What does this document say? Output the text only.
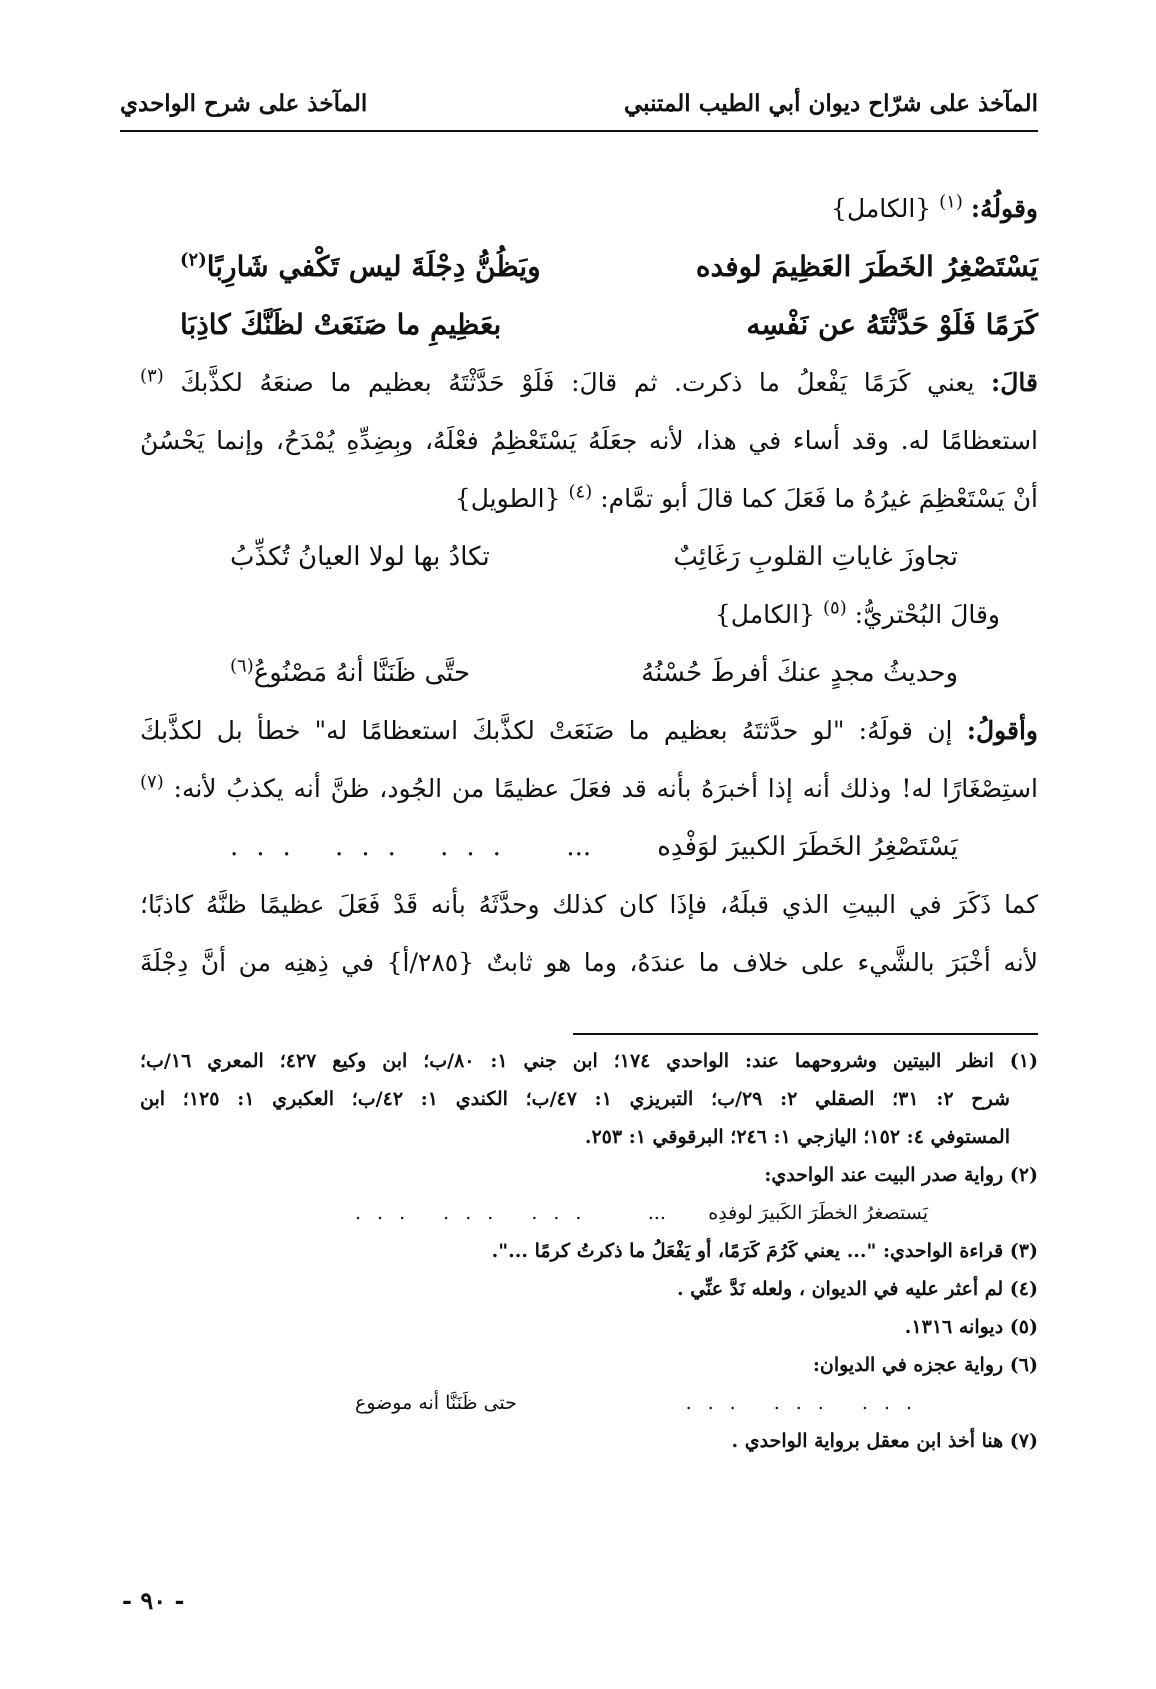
المآخذ على شرّاح ديوان أبي الطيب المتنبي
المآخذ على شرح الواحدي
وقولُهُ: $^{(١)}$ {الكامل}
يَسْتَصْغِرُ الخَطَرَ العَظِيمَ لوفده
ويَظُنُّ دِجْلَةَ ليس تَكْفي شَارِبًا$^{(٢)}$
كَرَمًا فَلَوْ حَدَّثْتَهُ عن نَفْسِه
بعَظِيمِ ما صَنَعَتْ لظَنَّكَ كاذِبَا
قالَ: يعني كَرَمًا يَفْعلُ ما ذكرت. ثم قالَ: فَلَوْ حَدَّثْتَهُ بعظيم ما صنعَهُ لكذَّبكَ $^{(٣)}$
استعظامًا له. وقد أساء في هذا، لأنه جعَلَهُ يَسْتَعْظِمُ فعْلَهُ، وبِضِدِّهِ يُمْدَحُ، وإنما يَحْسُنُ
أنْ يَسْتَعْظِمَ غيرُهُ ما فَعَلَ كما قالَ أبو تمَّام: $^{(٤)}$ {الطويل}
تجاوزَ غاياتِ القلوبِ رَغَائِبٌ
تكادُ بها لولا العيانُ تُكذِّبُ
وقالَ البُحْتريُّ: $^{(٥)}$ {الكامل}
وحديثُ مجدٍ عنكَ أفرطَ حُسْنُهُ
حتَّى ظَنَنَّا أنهُ مَصْنُوعُ$^{(٦)}$
وأقولُ: إن قولَهُ: "لو حدَّثتَهُ بعظيم ما صَنَعَتْ لكذَّبكَ استعظامًا له" خطأ بل لكذَّبكَ
استِصْغَارًا له! وذلك أنه إذا أخبرَهُ بأنه قد فعَلَ عظيمًا من الجُود، ظنَّ أنه يكذبُ لأنه: $^{(٧)}$
يَسْتَصْغِرُ الخَطَرَ الكبيرَ لوَفْدِه        ...
... ... ...
كما ذَكَرَ في البيتِ الذي قبلَهُ، فإذَا كان كذلك وحدَّثَهُ بأنه قَدْ فَعَلَ عظيمًا ظنَّهُ كاذبًا؛
لأنه أخْبَرَ بالشَّيء على خلاف ما عندَهُ، وما هو ثابتٌ {٢٨٥/أ} في ذِهنِه من أنَّ دِجْلَةَ
(١) انظر البيتين وشروحهما عند: الواحدي ١٧٤؛ ابن جني ١: ٨٠/ب؛ ابن وكيع ٤٢٧؛ المعري ١٦/ب؛
شرح ٢: ٣١؛ الصقلي ٢: ٢٩/ب؛ التبريزي ١: ٤٧/ب؛ الكندي ١: ٤٢/ب؛ العكبري ١: ١٢٥؛ ابن
المستوفي ٤: ١٥٢؛ اليازجي ١: ٢٤٦؛ البرقوقي ١: ٢٥٣.
(٢) رواية صدر البيت عند الواحدي:
يَستصغرُ الخطَرَ الكَبيرَ لوفدِه       ...
... ... ...
(٣) قراءة الواحدي: "... يعني كَرُمَ كَرَمًا، أو يَفْعَلُ ما ذكرتُ كرمًا ...".
(٤) لم أعثر عليه في الديوان ، ولعله نَدَّ عنِّي .
(٥) ديوانه ١٣١٦.
(٦) رواية عجزه في الديوان:
... ... ...
حتى ظَنَنَّا أنه موضوع
(٧) هنا أخذ ابن معقل برواية الواحدي .
- ٩٠ -
